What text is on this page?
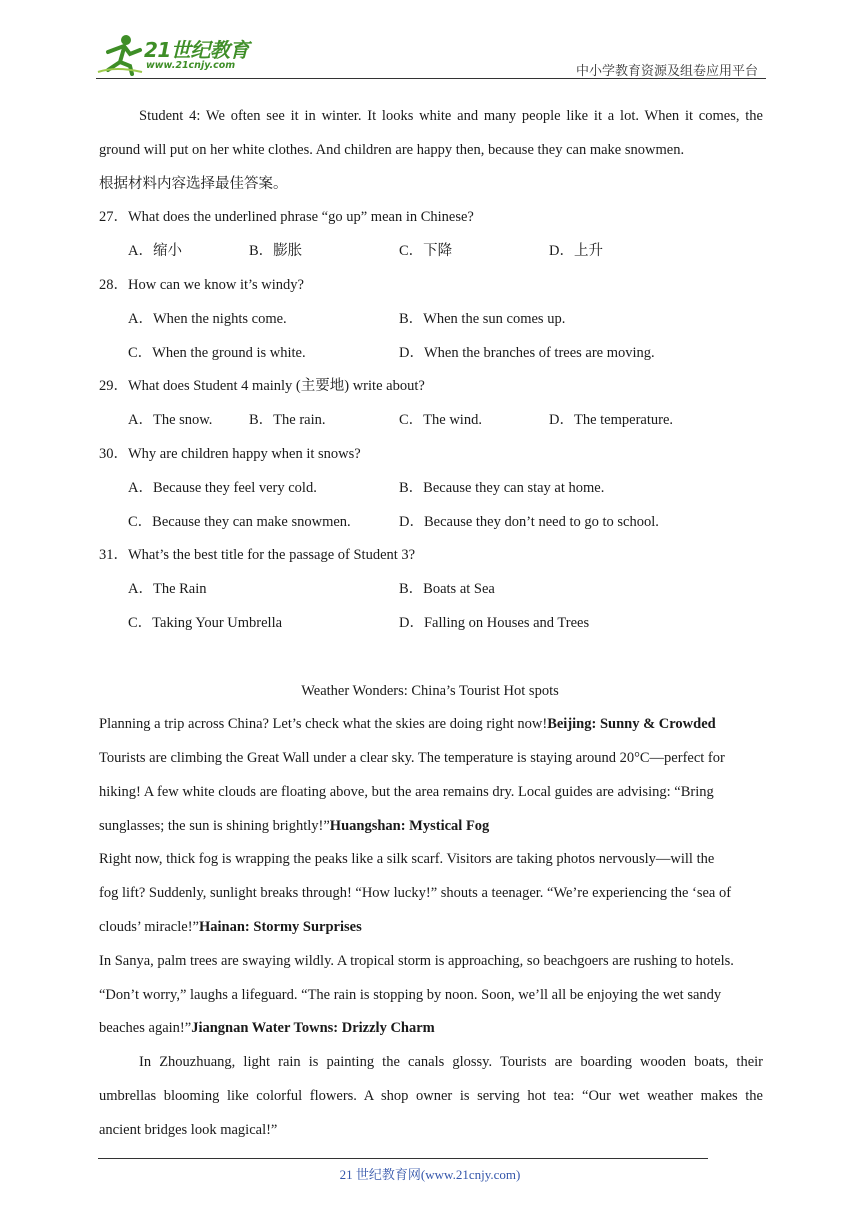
21世纪教育
www.21cnjy.com	中小学教育资源及组卷应用平台
Student 4: We often see it in winter. It looks white and many people like it a lot. When it comes, the
ground will put on her white clothes. And children are happy then, because they can make snowmen.
根据材料内容选择最佳答案。
27．What does the underlined phrase “go up” mean in Chinese?
A．缩小	B．膨胀	C．下降	D．上升
28．How can we know it’s windy?
A．When the nights come.	B．When the sun comes up.
C．When the ground is white.	D．When the branches of trees are moving.
29．What does Student 4 mainly (主要地) write about?
A．The snow.	B．The rain.	C．The wind.	D．The temperature.
30．Why are children happy when it snows?
A．Because they feel very cold.	B．Because they can stay at home.
C．Because they can make snowmen.	D．Because they don’t need to go to school.
31．What’s the best title for the passage of Student 3?
A．The Rain	B．Boats at Sea
C．Taking Your Umbrella	D．Falling on Houses and Trees
Weather Wonders: China’s Tourist Hot spots
Planning a trip across China? Let’s check what the skies are doing right now!Beijing: Sunny & Crowded
Tourists are climbing the Great Wall under a clear sky. The temperature is staying around 20°C—perfect for
hiking! A few white clouds are floating above, but the area remains dry. Local guides are advising: “Bring
sunglasses; the sun is shining brightly!”Huangshan: Mystical Fog
Right now, thick fog is wrapping the peaks like a silk scarf. Visitors are taking photos nervously—will the
fog lift? Suddenly, sunlight breaks through! “How lucky!” shouts a teenager. “We’re experiencing the ‘sea of
clouds’ miracle!”Hainan: Stormy Surprises
In Sanya, palm trees are swaying wildly. A tropical storm is approaching, so beachgoers are rushing to hotels.
“Don’t worry,” laughs a lifeguard. “The rain is stopping by noon. Soon, we’ll all be enjoying the wet sandy
beaches again!”Jiangnan Water Towns: Drizzly Charm
In Zhouzhuang, light rain is painting the canals glossy. Tourists are boarding wooden boats, their
umbrellas blooming like colorful flowers. A shop owner is serving hot tea: “Our wet weather makes the
ancient bridges look magical!”
21 世纪教育网(www.21cnjy.com)
